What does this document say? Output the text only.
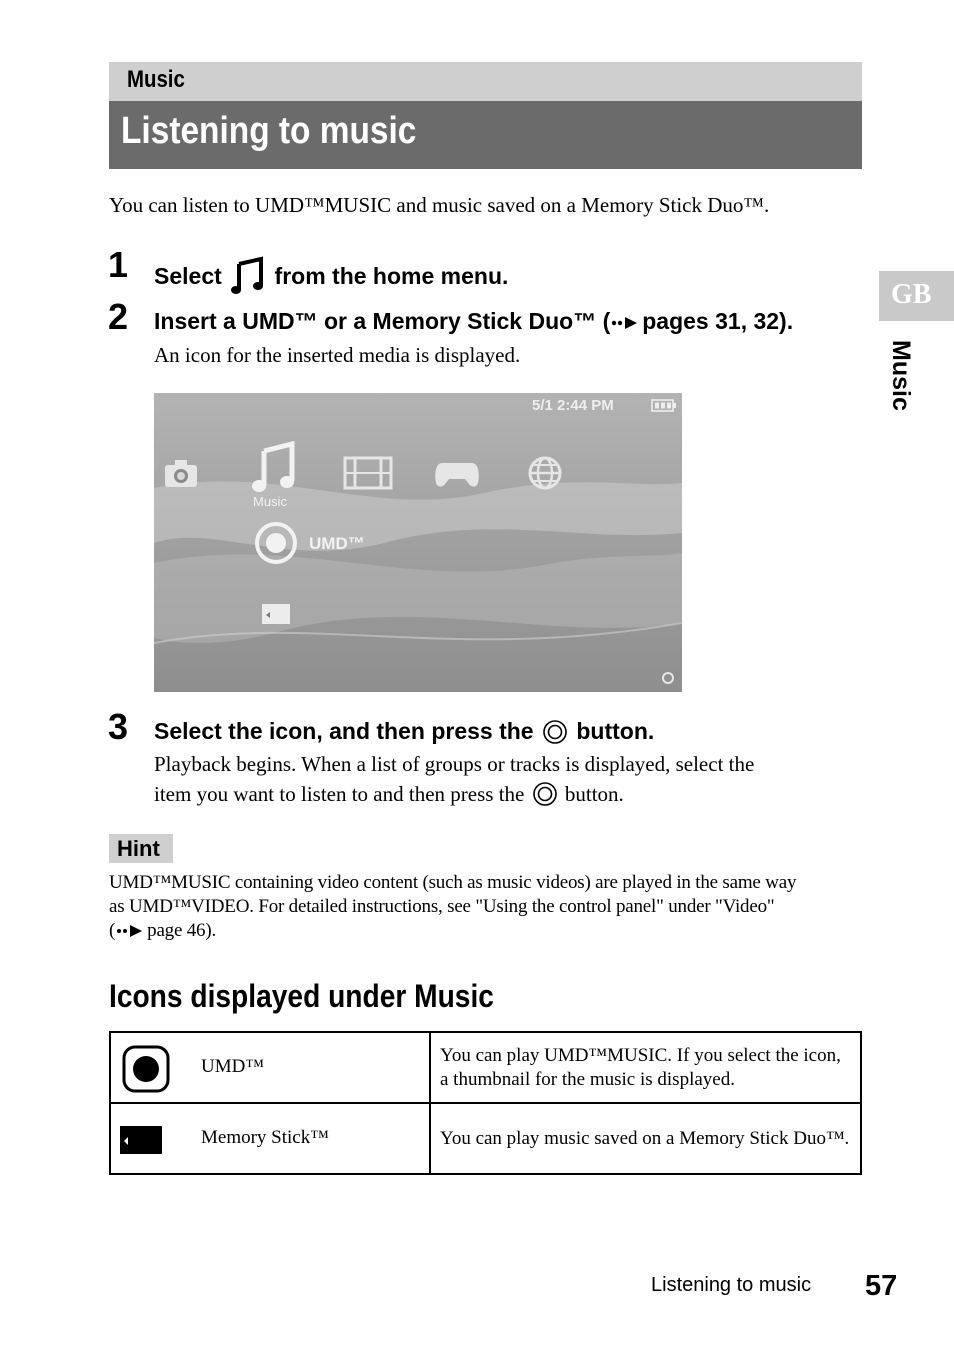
Music
Listening to music
GB
Music
You can listen to UMD™MUSIC and music saved on a Memory Stick Duo™.
1 Select from the home menu.
2 Insert a UMD™ or a Memory Stick Duo™ ( pages 31, 32).
An icon for the inserted media is displayed.
5/1 2:44 PM
Music
UMD™
3 Select the icon, and then press the button.
Playback begins. When a list of groups or tracks is displayed, select the
item you want to listen to and then press the button.
Hint
UMD™MUSIC containing video content (such as music videos) are played in the same way
as UMD™VIDEO. For detailed instructions, see "Using the control panel" under "Video"
( page 46).
Icons displayed under Music
UMD™	You can play UMD™MUSIC. If you select the icon, a thumbnail for the music is displayed.

Memory Stick™	You can play music saved on a Memory Stick Duo™.
Listening to music 57
